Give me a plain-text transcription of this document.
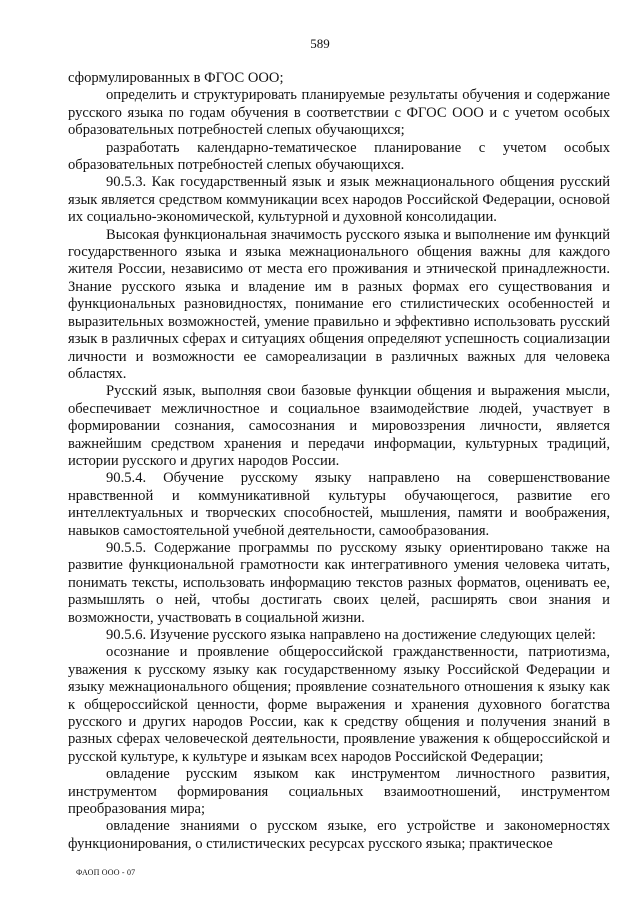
589

сформулированных в ФГОС ООО;

определить и структурировать планируемые результаты обучения и содержание русского языка по годам обучения в соответствии с ФГОС ООО и с учетом особых образовательных потребностей слепых обучающихся;

разработать календарно-тематическое планирование с учетом особых образовательных потребностей слепых обучающихся.

90.5.3. Как государственный язык и язык межнационального общения русский язык является средством коммуникации всех народов Российской Федерации, основой их социально-экономической, культурной и духовной консолидации.

Высокая функциональная значимость русского языка и выполнение им функций государственного языка и языка межнационального общения важны для каждого жителя России, независимо от места его проживания и этнической принадлежности. Знание русского языка и владение им в разных формах его существования и функциональных разновидностях, понимание его стилистических особенностей и выразительных возможностей, умение правильно и эффективно использовать русский язык в различных сферах и ситуациях общения определяют успешность социализации личности и возможности ее самореализации в различных важных для человека областях.

Русский язык, выполняя свои базовые функции общения и выражения мысли, обеспечивает межличностное и социальное взаимодействие людей, участвует в формировании сознания, самосознания и мировоззрения личности, является важнейшим средством хранения и передачи информации, культурных традиций, истории русского и других народов России.

90.5.4. Обучение русскому языку направлено на совершенствование нравственной и коммуникативной культуры обучающегося, развитие его интеллектуальных и творческих способностей, мышления, памяти и воображения, навыков самостоятельной учебной деятельности, самообразования.

90.5.5. Содержание программы по русскому языку ориентировано также на развитие функциональной грамотности как интегративного умения человека читать, понимать тексты, использовать информацию текстов разных форматов, оценивать ее, размышлять о ней, чтобы достигать своих целей, расширять свои знания и возможности, участвовать в социальной жизни.

90.5.6. Изучение русского языка направлено на достижение следующих целей:

осознание и проявление общероссийской гражданственности, патриотизма, уважения к русскому языку как государственному языку Российской Федерации и языку межнационального общения; проявление сознательного отношения к языку как к общероссийской ценности, форме выражения и хранения духовного богатства русского и других народов России, как к средству общения и получения знаний в разных сферах человеческой деятельности, проявление уважения к общероссийской и русской культуре, к культуре и языкам всех народов Российской Федерации;

овладение русским языком как инструментом личностного развития, инструментом формирования социальных взаимоотношений, инструментом преобразования мира;

овладение знаниями о русском языке, его устройстве и закономерностях функционирования, о стилистических ресурсах русского языка; практическое

ФАОП ООО - 07
